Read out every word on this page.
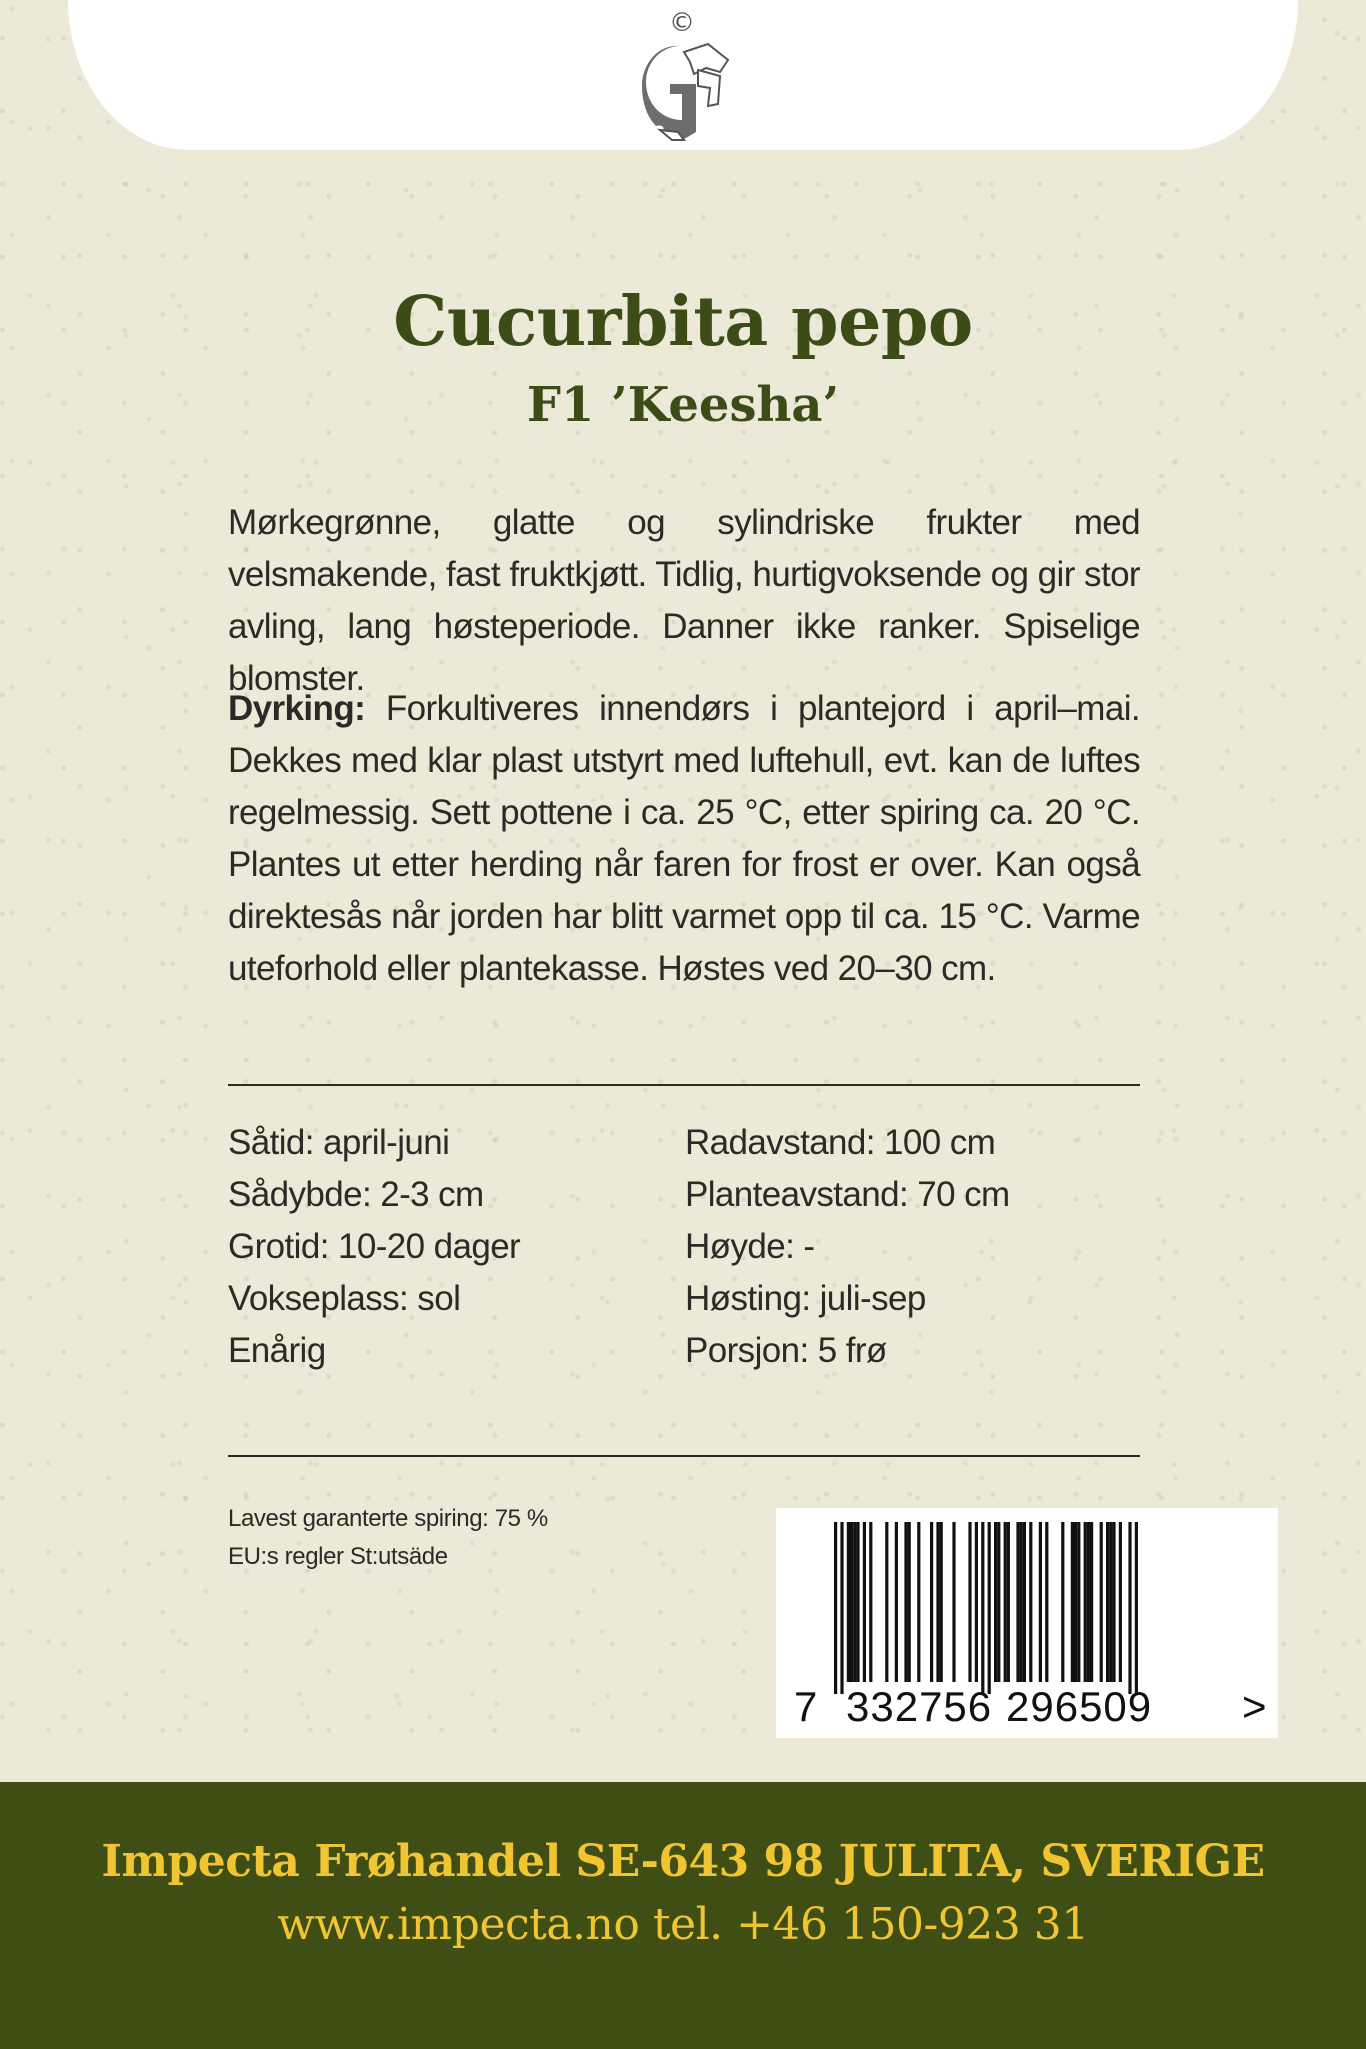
©
Cucurbita pepo
F1 ’Keesha’
Mørkegrønne, glatte og sylindriske frukter med velsmakende, fast fruktkjøtt. Tidlig, hurtigvoksende og gir stor avling, lang høsteperiode. Danner ikke ranker. Spiselige blomster.
Dyrking: Forkultiveres innendørs i plantejord i april–mai. Dekkes med klar plast utstyrt med luftehull, evt. kan de luftes regelmessig. Sett pottene i ca. 25 °C, etter spiring ca. 20 °C. Plantes ut etter herding når faren for frost er over. Kan også direktesås når jorden har blitt varmet opp til ca. 15 °C. Varme uteforhold eller plantekasse. Høstes ved 20–30 cm.
Såtid: april-juni
Sådybde: 2-3 cm
Grotid: 10-20 dager
Vokseplass: sol
Enårig
Radavstand: 100 cm
Planteavstand: 70 cm
Høyde: -
Høsting: juli-sep
Porsjon: 5 frø
Lavest garanterte spiring: 75 %
EU:s regler St:utsäde

7

332756

296509

>

Impecta Frøhandel SE-643 98 JULITA, SVERIGE
www.impecta.no tel. +46 150-923 31
